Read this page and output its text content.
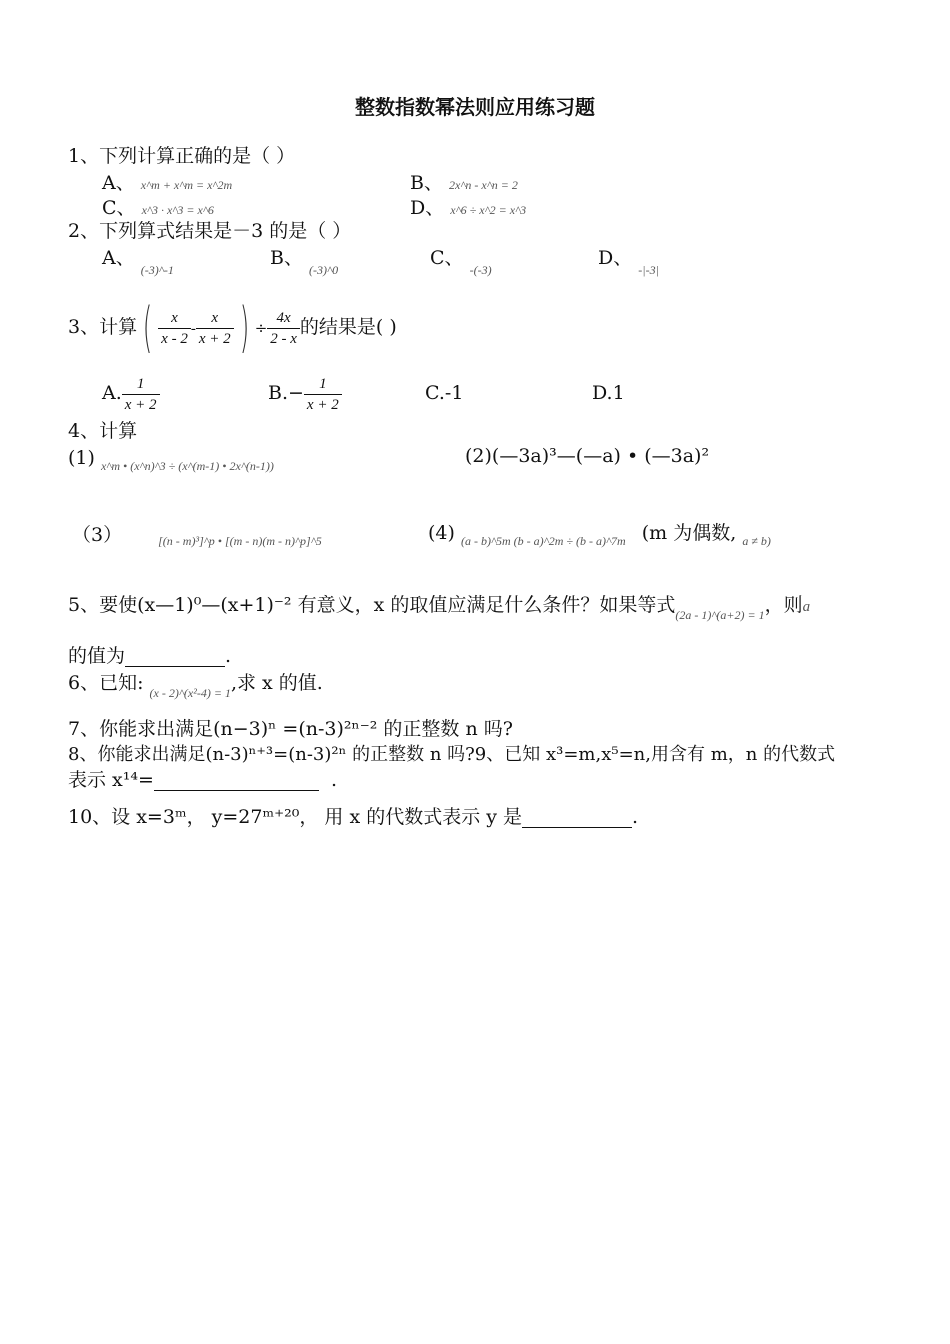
整数指数幂法则应用练习题
1、下列计算正确的是（ ）
A、 x^m + x^m = x^2m	B、 2x^n - x^n = 2
C、 x^3 · x^3 = x^6	D、 x^6 ÷ x^2 = x^3
2、下列算式结果是－3 的是（ ）
A、 $_{(-3)\^{}-1}$
B、 $_{(-3)\^{}0}$
C、 $_{-(-3)}$
D、 $_{-|-3|}$
3、计算 ( $\frac{x}{x - 2} - \frac{x}{x + 2}$ ) ÷ $\frac{4x}{2 - x}$ 的结果是( )
A. $\frac{1}{x + 2}$	$B.- \frac{1}{x + 2}$	C.-1	D.1
4、计算
(1) $_{x\^{}m • (x\^{}n)\^{}3 \div (x\^{}(m-1) • 2x\^{}(n-1))}$	(2)(—3a)³—(—a) • (—3a)²
（3）	$_{[(n - m)^3]\^{}p • [(m - n)(m - n)\^{}p]\^{}5}$	(4) $_{(a - b)\^{}5m (b - a)\^{}2m \div (b - a)\^{}7m}$ (m 为偶数, $_{a \ne b)}$
5、要使(x—1)⁰—(x+1)⁻² 有意义，x 的取值应满足什么条件？如果等式$_{(2a - 1)\^{}(a+2) = 1}$，则a
的值为	.
6、已知: $_{(x - 2)\^{}(x^2-4) = 1}$,求 x 的值.
7、你能求出满足(n−3)ⁿ =(n-3)²ⁿ⁻² 的正整数 n 吗?
8、你能求出满足(n-3)ⁿ⁺³=(n-3)²ⁿ 的正整数 n 吗?9、已知 x³=m,x⁵=n,用含有 m，n 的代数式
表示 x¹⁴=	.
10、设 x=3ᵐ， y=27ᵐ⁺²⁰， 用 x 的代数式表示 y 是	.
